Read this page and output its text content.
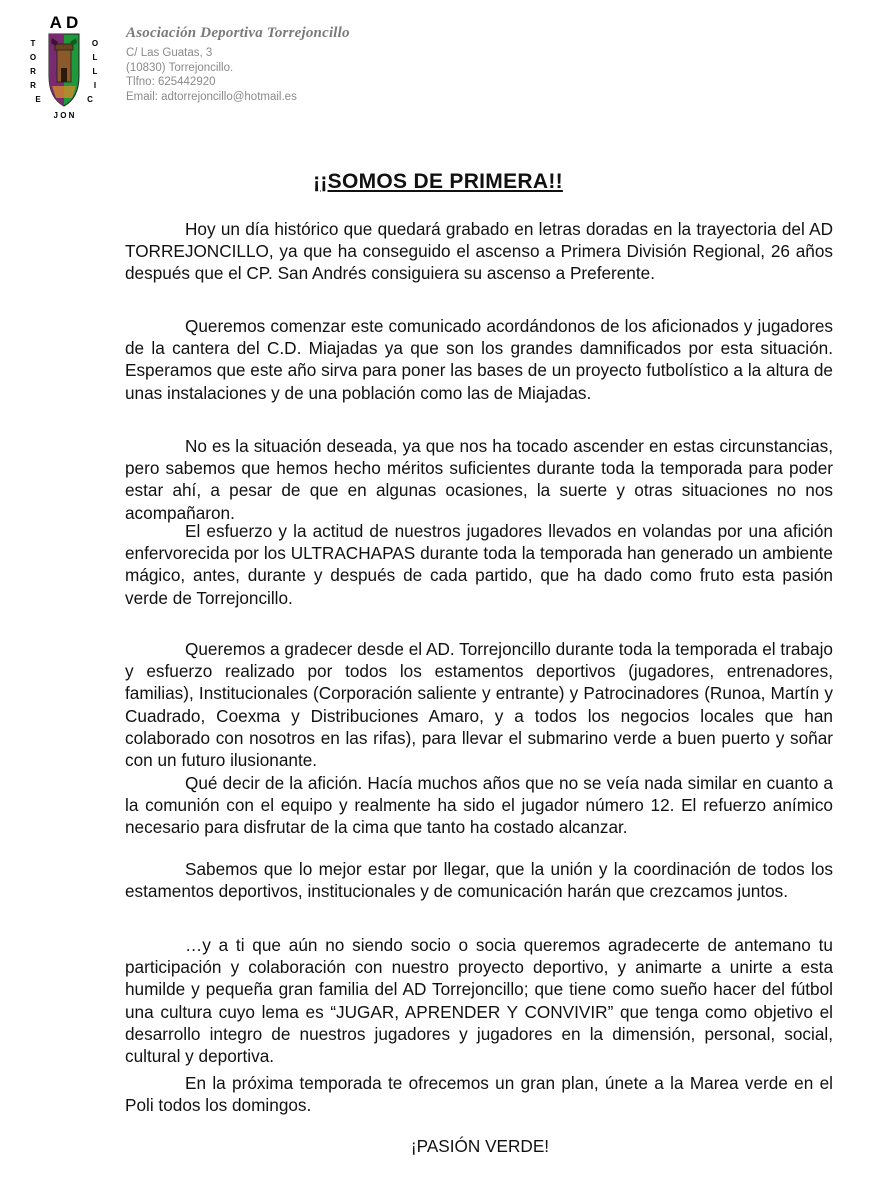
A D
T
O
R
R
E
O
L
L
I
C
J O N
Asociación Deportiva Torrejoncillo
C/ Las Guatas, 3
(10830) Torrejoncillo.
Tlfno: 625442920
Email: adtorrejoncillo@hotmail.es
¡¡SOMOS DE PRIMERA!!

Hoy un día histórico que quedará grabado en letras doradas en la trayectoria del AD TORREJONCILLO, ya que ha conseguido el ascenso a Primera División Regional, 26 años después que el CP. San Andrés consiguiera su ascenso a Preferente.

Queremos comenzar este comunicado acordándonos de los aficionados y jugadores de la cantera del C.D. Miajadas ya que son los grandes damnificados por esta situación. Esperamos que este año sirva para poner las bases de un proyecto futbolístico a la altura de unas instalaciones y de una población como las de Miajadas.

No es la situación deseada, ya que nos ha tocado ascender en estas circunstancias, pero sabemos que hemos hecho méritos suficientes durante toda la temporada para poder estar ahí, a pesar de que en algunas ocasiones, la suerte y otras situaciones no nos acompañaron.

El esfuerzo y la actitud de nuestros jugadores llevados en volandas por una afición enfervorecida por los ULTRACHAPAS durante toda la temporada han generado un ambiente mágico, antes, durante y después de cada partido, que ha dado como fruto esta pasión verde de Torrejoncillo.

Queremos a gradecer desde el AD. Torrejoncillo durante toda la temporada el trabajo y esfuerzo realizado por todos los estamentos deportivos (jugadores, entrenadores, familias), Institucionales (Corporación saliente y entrante) y Patrocinadores (Runoa, Martín y Cuadrado, Coexma y Distribuciones Amaro, y a todos los negocios locales que han colaborado con nosotros en las rifas), para llevar el submarino verde a buen puerto y soñar con un futuro ilusionante.

Qué decir de la afición. Hacía muchos años que no se veía nada similar en cuanto a la comunión con el equipo y realmente ha sido el jugador número 12. El refuerzo anímico necesario para disfrutar de la cima que tanto ha costado alcanzar.

Sabemos que lo mejor estar por llegar, que la unión y la coordinación de todos los estamentos deportivos, institucionales y de comunicación harán que crezcamos juntos.

…y a ti que aún no siendo socio o socia queremos agradecerte de antemano tu participación y colaboración con nuestro proyecto deportivo, y animarte a unirte a esta humilde y pequeña gran familia del AD Torrejoncillo; que tiene como sueño hacer del fútbol una cultura cuyo lema es “JUGAR, APRENDER Y CONVIVIR” que tenga como objetivo el desarrollo integro de nuestros jugadores y jugadores en la dimensión, personal, social, cultural y deportiva.

En la próxima temporada te ofrecemos un gran plan, únete a la Marea verde en el Poli todos los domingos.

¡PASIÓN VERDE!
